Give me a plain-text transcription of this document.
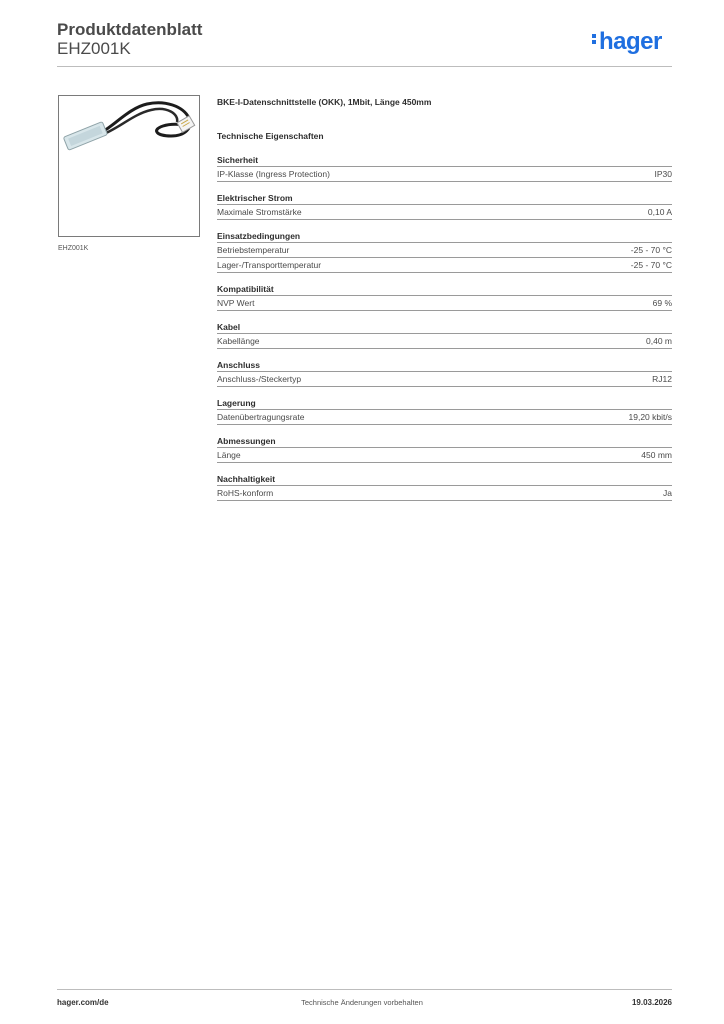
Produktdatenblatt
EHZ001K	hager
EHZ001K
BKE-I-Datenschnittstelle (OKK), 1Mbit, Länge 450mm
Technische Eigenschaften
Sicherheit
IP-Klasse (Ingress Protection)	IP30
Elektrischer Strom
Maximale Stromstärke	0,10 A
Einsatzbedingungen
Betriebstemperatur	-25 - 70 °C
Lager-/Transporttemperatur	-25 - 70 °C
Kompatibilität
NVP Wert	69 %
Kabel
Kabellänge	0,40 m
Anschluss
Anschluss-/Steckertyp	RJ12
Lagerung
Datenübertragungsrate	19,20 kbit/s
Abmessungen
Länge	450 mm
Nachhaltigkeit
RoHS-konform	Ja
hager.com/de	Technische Änderungen vorbehalten	19.03.2026
